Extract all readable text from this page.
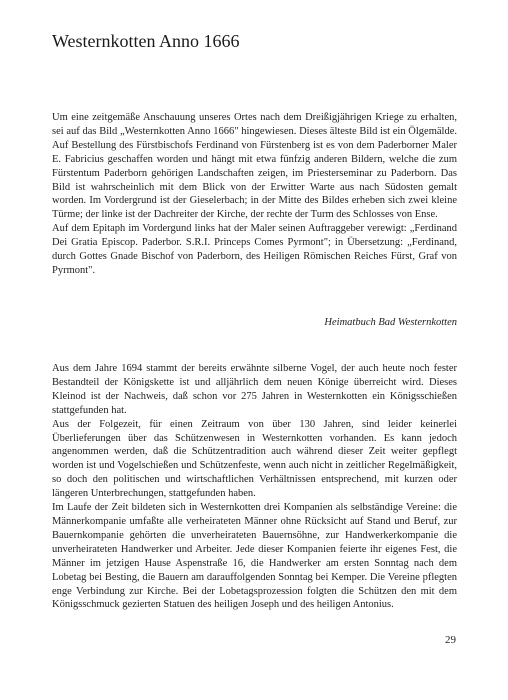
Westernkotten Anno 1666

Um eine zeitgemäße Anschauung unseres Ortes nach dem Dreißigjährigen Kriege zu erhalten, sei auf das Bild „Westernkotten Anno 1666" hingewiesen. Dieses älteste Bild ist ein Ölgemälde. Auf Bestellung des Fürstbischofs Ferdinand von Fürstenberg ist es von dem Paderborner Maler E. Fabricius geschaffen worden und hängt mit etwa fünfzig anderen Bildern, welche die zum Fürstentum Paderborn gehörigen Landschaften zeigen, im Priesterseminar zu Paderborn. Das Bild ist wahrscheinlich mit dem Blick von der Erwitter Warte aus nach Südosten gemalt worden. Im Vordergrund ist der Gieselerbach; in der Mitte des Bildes erheben sich zwei kleine Türme; der linke ist der Dachreiter der Kirche, der rechte der Turm des Schlosses von Ense.

Auf dem Epitaph im Vordergund links hat der Maler seinen Auftraggeber verewigt: „Ferdinand Dei Gratia Episcop. Paderbor. S.R.I. Princeps Comes Pyrmont"; in Übersetzung: „Ferdinand, durch Gottes Gnade Bischof von Paderborn, des Heiligen Römischen Reiches Fürst, Graf von Pyrmont".

Heimatbuch Bad Westernkotten

Aus dem Jahre 1694 stammt der bereits erwähnte silberne Vogel, der auch heute noch fester Bestandteil der Königskette ist und alljährlich dem neuen Könige überreicht wird. Dieses Kleinod ist der Nachweis, daß schon vor 275 Jahren in Westernkotten ein Königsschießen stattgefunden hat.

Aus der Folgezeit, für einen Zeitraum von über 130 Jahren, sind leider keinerlei Überlieferungen über das Schützenwesen in Westernkotten vorhanden. Es kann jedoch angenommen werden, daß die Schützentradition auch während dieser Zeit weiter gepflegt worden ist und Vogelschießen und Schützenfeste, wenn auch nicht in zeitlicher Regelmäßigkeit, so doch den politischen und wirtschaftlichen Verhältnissen entsprechend, mit kurzen oder längeren Unterbrechungen, stattgefunden haben.

Im Laufe der Zeit bildeten sich in Westernkotten drei Kompanien als selbständige Vereine: die Männerkompanie umfaßte alle verheirateten Männer ohne Rücksicht auf Stand und Beruf, zur Bauernkompanie gehörten die unverheirateten Bauernsöhne, zur Handwerkerkompanie die unverheirateten Handwerker und Arbeiter. Jede dieser Kompanien feierte ihr eigenes Fest, die Männer im jetzigen Hause Aspenstraße 16, die Handwerker am ersten Sonntag nach dem Lobetag bei Besting, die Bauern am darauffolgenden Sonntag bei Kemper. Die Vereine pflegten enge Verbindung zur Kirche. Bei der Lobetagsprozession folgten die Schützen den mit dem Königsschmuck gezierten Statuen des heiligen Joseph und des heiligen Antonius.

29
